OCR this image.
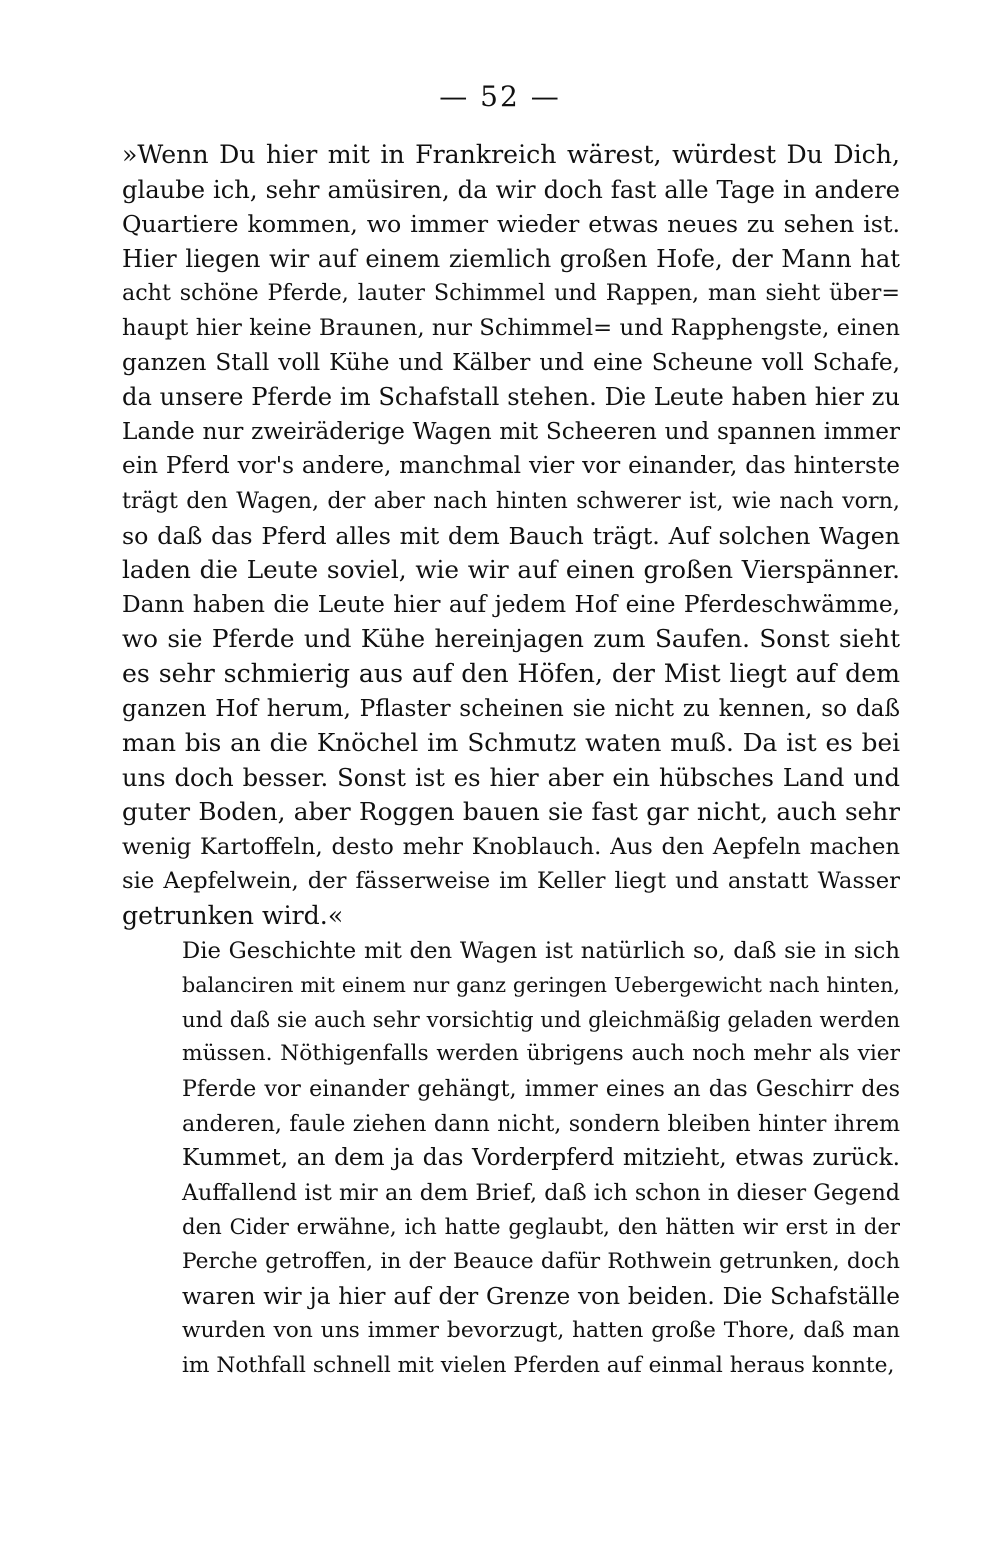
— 52 —

»Wenn Du hier mit in Frankreich wärest, würdest Du Dich,
glaube ich, sehr amüsiren, da wir doch fast alle Tage in andere
Quartiere kommen, wo immer wieder etwas neues zu sehen ist.
Hier liegen wir auf einem ziemlich großen Hofe, der Mann hat
acht schöne Pferde, lauter Schimmel und Rappen, man sieht über=
haupt hier keine Braunen, nur Schimmel= und Rapphengste, einen
ganzen Stall voll Kühe und Kälber und eine Scheune voll Schafe,
da unsere Pferde im Schafstall stehen. Die Leute haben hier zu
Lande nur zweiräderige Wagen mit Scheeren und spannen immer
ein Pferd vor's andere, manchmal vier vor einander, das hinterste
trägt den Wagen, der aber nach hinten schwerer ist, wie nach vorn,
so daß das Pferd alles mit dem Bauch trägt. Auf solchen Wagen
laden die Leute soviel, wie wir auf einen großen Vierspänner.
Dann haben die Leute hier auf jedem Hof eine Pferdeschwämme,
wo sie Pferde und Kühe hereinjagen zum Saufen. Sonst sieht
es sehr schmierig aus auf den Höfen, der Mist liegt auf dem
ganzen Hof herum, Pflaster scheinen sie nicht zu kennen, so daß
man bis an die Knöchel im Schmutz waten muß. Da ist es bei
uns doch besser. Sonst ist es hier aber ein hübsches Land und
guter Boden, aber Roggen bauen sie fast gar nicht, auch sehr
wenig Kartoffeln, desto mehr Knoblauch. Aus den Aepfeln machen
sie Aepfelwein, der fässerweise im Keller liegt und anstatt Wasser
getrunken wird.«

Die Geschichte mit den Wagen ist natürlich so, daß sie in sich
balanciren mit einem nur ganz geringen Uebergewicht nach hinten,
und daß sie auch sehr vorsichtig und gleichmäßig geladen werden
müssen. Nöthigenfalls werden übrigens auch noch mehr als vier
Pferde vor einander gehängt, immer eines an das Geschirr des
anderen, faule ziehen dann nicht, sondern bleiben hinter ihrem
Kummet, an dem ja das Vorderpferd mitzieht, etwas zurück.
Auffallend ist mir an dem Brief, daß ich schon in dieser Gegend
den Cider erwähne, ich hatte geglaubt, den hätten wir erst in der
Perche getroffen, in der Beauce dafür Rothwein getrunken, doch
waren wir ja hier auf der Grenze von beiden. Die Schafställe
wurden von uns immer bevorzugt, hatten große Thore, daß man
im Nothfall schnell mit vielen Pferden auf einmal heraus konnte,
